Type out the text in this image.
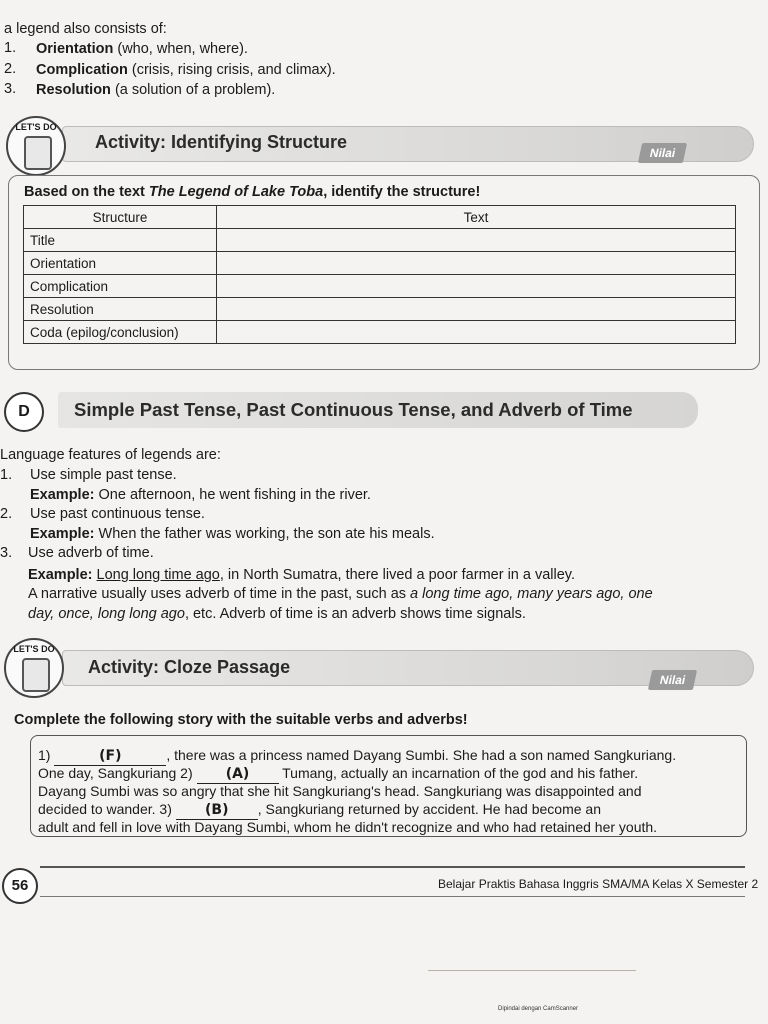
a legend also consists of:
1. Orientation (who, when, where).
2. Complication (crisis, rising crisis, and climax).
3. Resolution (a solution of a problem).
LET'S DO
Activity: Identifying Structure
Nilai
Based on the text The Legend of Lake Toba, identify the structure!
Structure	Text
Title	
Orientation	
Complication	
Resolution	
Coda (epilog/conclusion)	
D	Simple Past Tense, Past Continuous Tense, and Adverb of Time
Language features of legends are:
1. Use simple past tense.
Example: One afternoon, he went fishing in the river.
2. Use past continuous tense.
Example: When the father was working, the son ate his meals.
3. Use adverb of time.
Example: Long long time ago, in North Sumatra, there lived a poor farmer in a valley.
A narrative usually uses adverb of time in the past, such as a long time ago, many years ago, one
day, once, long long ago, etc. Adverb of time is an adverb shows time signals.
LET'S DO
Activity: Cloze Passage
Nilai
Complete the following story with the suitable verbs and adverbs!
1)	(F)	, there was a princess named Dayang Sumbi. She had a son named Sangkuriang.
One day, Sangkuriang 2) (A) Tumang, actually an incarnation of the god and his father.
Dayang Sumbi was so angry that she hit Sangkuriang's head. Sangkuriang was disappointed and
decided to wander. 3) (B) , Sangkuriang returned by accident. He had become an
adult and fell in love with Dayang Sumbi, whom he didn't recognize and who had retained her youth.
56	Belajar Praktis Bahasa Inggris SMA/MA Kelas X Semester 2
Dipindai dengan CamScanner
